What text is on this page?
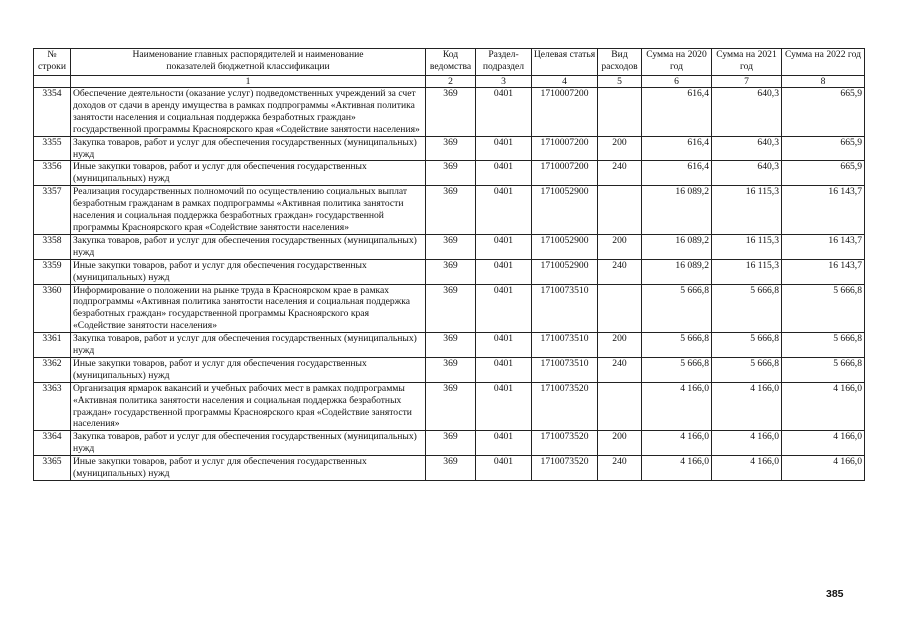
№ строки	Наименование главных распорядителей и наименование показателей бюджетной классификации	Код ведомства	Раздел-подраздел	Целевая статья	Вид расходов	Сумма на 2020 год	Сумма на 2021 год	Сумма на 2022 год
	1	2	3	4	5	6	7	8
3354	Обеспечение деятельности (оказание услуг) подведомственных учреждений за счет доходов от сдачи в аренду имущества в рамках подпрограммы «Активная политика занятости населения и социальная поддержка безработных граждан» государственной программы Красноярского края «Содействие занятости населения»	369	0401	1710007200		616,4	640,3	665,9
3355	Закупка товаров, работ и услуг для обеспечения государственных (муниципальных) нужд	369	0401	1710007200	200	616,4	640,3	665,9
3356	Иные закупки товаров, работ и услуг для обеспечения государственных (муниципальных) нужд	369	0401	1710007200	240	616,4	640,3	665,9
3357	Реализация государственных полномочий по осуществлению социальных выплат безработным гражданам в рамках подпрограммы «Активная политика занятости населения и социальная поддержка безработных граждан» государственной программы Красноярского края «Содействие занятости населения»	369	0401	1710052900		16 089,2	16 115,3	16 143,7
3358	Закупка товаров, работ и услуг для обеспечения государственных (муниципальных) нужд	369	0401	1710052900	200	16 089,2	16 115,3	16 143,7
3359	Иные закупки товаров, работ и услуг для обеспечения государственных (муниципальных) нужд	369	0401	1710052900	240	16 089,2	16 115,3	16 143,7
3360	Информирование о положении на рынке труда в Красноярском крае в рамках подпрограммы «Активная политика занятости населения и социальная поддержка безработных граждан» государственной программы Красноярского края «Содействие занятости населения»	369	0401	1710073510		5 666,8	5 666,8	5 666,8
3361	Закупка товаров, работ и услуг для обеспечения государственных (муниципальных) нужд	369	0401	1710073510	200	5 666,8	5 666,8	5 666,8
3362	Иные закупки товаров, работ и услуг для обеспечения государственных (муниципальных) нужд	369	0401	1710073510	240	5 666,8	5 666,8	5 666,8
3363	Организация ярмарок вакансий и учебных рабочих мест в рамках подпрограммы «Активная политика занятости населения и социальная поддержка безработных граждан» государственной программы Красноярского края «Содействие занятости населения»	369	0401	1710073520		4 166,0	4 166,0	4 166,0
3364	Закупка товаров, работ и услуг для обеспечения государственных (муниципальных) нужд	369	0401	1710073520	200	4 166,0	4 166,0	4 166,0
3365	Иные закупки товаров, работ и услуг для обеспечения государственных (муниципальных) нужд	369	0401	1710073520	240	4 166,0	4 166,0	4 166,0
385
